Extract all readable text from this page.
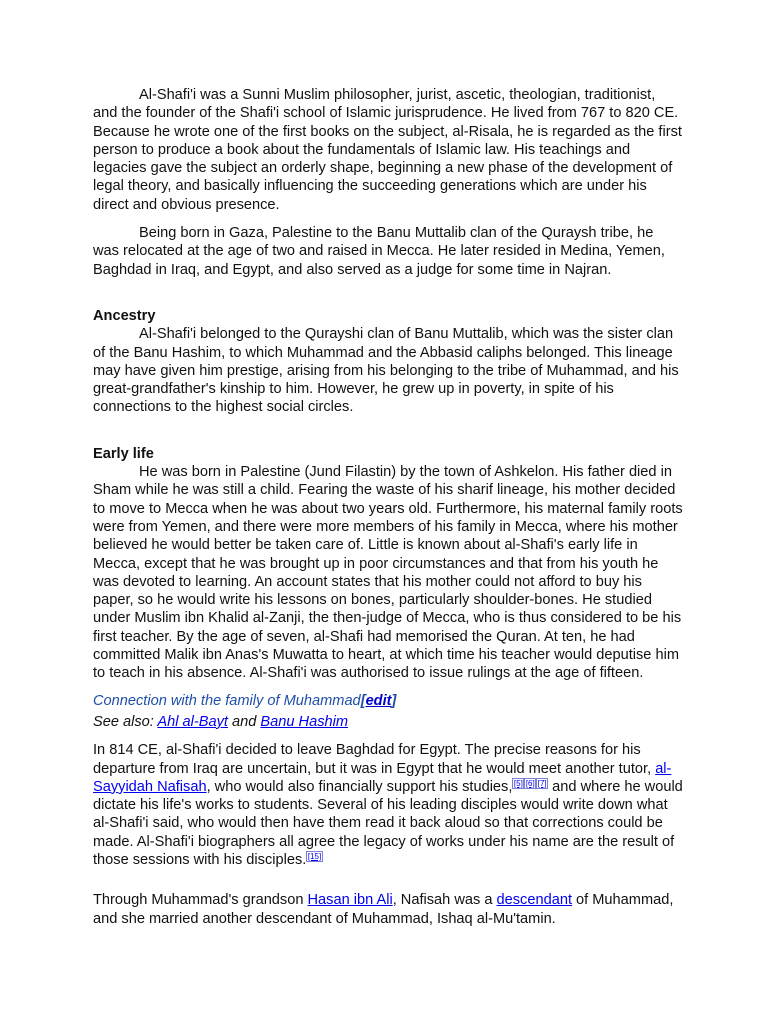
Al-Shafi'i was a Sunni Muslim philosopher, jurist, ascetic, theologian, traditionist, and the founder of the Shafi'i school of Islamic jurisprudence. He lived from 767 to 820 CE. Because he wrote one of the first books on the subject, al-Risala, he is regarded as the first person to produce a book about the fundamentals of Islamic law. His teachings and legacies gave the subject an orderly shape, beginning a new phase of the development of legal theory, and basically influencing the succeeding generations which are under his direct and obvious presence.

Being born in Gaza, Palestine to the Banu Muttalib clan of the Quraysh tribe, he was relocated at the age of two and raised in Mecca. He later resided in Medina, Yemen, Baghdad in Iraq, and Egypt, and also served as a judge for some time in Najran.

Ancestry

Al-Shafi'i belonged to the Qurayshi clan of Banu Muttalib, which was the sister clan of the Banu Hashim, to which Muhammad and the Abbasid caliphs belonged. This lineage may have given him prestige, arising from his belonging to the tribe of Muhammad, and his great-grandfather's kinship to him. However, he grew up in poverty, in spite of his connections to the highest social circles.

Early life

He was born in Palestine (Jund Filastin) by the town of Ashkelon. His father died in Sham while he was still a child. Fearing the waste of his sharif lineage, his mother decided to move to Mecca when he was about two years old. Furthermore, his maternal family roots were from Yemen, and there were more members of his family in Mecca, where his mother believed he would better be taken care of. Little is known about al-Shafi's early life in Mecca, except that he was brought up in poor circumstances and that from his youth he was devoted to learning. An account states that his mother could not afford to buy his paper, so he would write his lessons on bones, particularly shoulder-bones. He studied under Muslim ibn Khalid al-Zanji, the then-judge of Mecca, who is thus considered to be his first teacher. By the age of seven, al-Shafi had memorised the Quran. At ten, he had committed Malik ibn Anas's Muwatta to heart, at which time his teacher would deputise him to teach in his absence. Al-Shafi'i was authorised to issue rulings at the age of fifteen.

Connection with the family of Muhammad[edit]

See also: Ahl al-Bayt and Banu Hashim

In 814 CE, al-Shafi'i decided to leave Baghdad for Egypt. The precise reasons for his departure from Iraq are uncertain, but it was in Egypt that he would meet another tutor, al-Sayyidah Nafisah, who would also financially support his studies, [5] [6] [7] and where he would dictate his life's works to students. Several of his leading disciples would write down what al-Shafi'i said, who would then have them read it back aloud so that corrections could be made. Al-Shafi'i biographers all agree the legacy of works under his name are the result of those sessions with his disciples. [15]

Through Muhammad's grandson Hasan ibn Ali, Nafisah was a descendant of Muhammad, and she married another descendant of Muhammad, Ishaq al-Mu'tamin.
